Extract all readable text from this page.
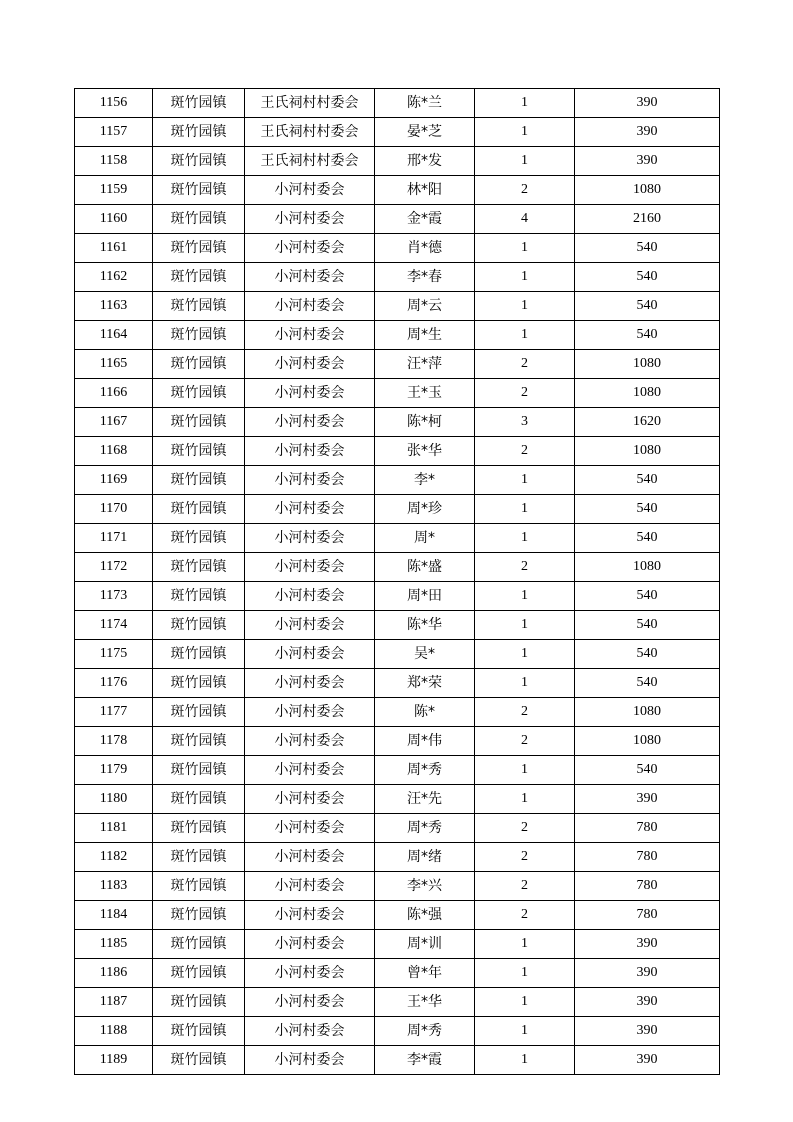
1156	斑竹园镇	王氏祠村村委会	陈*兰	1	390
1157	斑竹园镇	王氏祠村村委会	晏*芝	1	390
1158	斑竹园镇	王氏祠村村委会	邢*发	1	390
1159	斑竹园镇	小河村委会	林*阳	2	1080
1160	斑竹园镇	小河村委会	金*霞	4	2160
1161	斑竹园镇	小河村委会	肖*德	1	540
1162	斑竹园镇	小河村委会	李*春	1	540
1163	斑竹园镇	小河村委会	周*云	1	540
1164	斑竹园镇	小河村委会	周*生	1	540
1165	斑竹园镇	小河村委会	汪*萍	2	1080
1166	斑竹园镇	小河村委会	王*玉	2	1080
1167	斑竹园镇	小河村委会	陈*柯	3	1620
1168	斑竹园镇	小河村委会	张*华	2	1080
1169	斑竹园镇	小河村委会	李*	1	540
1170	斑竹园镇	小河村委会	周*珍	1	540
1171	斑竹园镇	小河村委会	周*	1	540
1172	斑竹园镇	小河村委会	陈*盛	2	1080
1173	斑竹园镇	小河村委会	周*田	1	540
1174	斑竹园镇	小河村委会	陈*华	1	540
1175	斑竹园镇	小河村委会	吴*	1	540
1176	斑竹园镇	小河村委会	郑*荣	1	540
1177	斑竹园镇	小河村委会	陈*	2	1080
1178	斑竹园镇	小河村委会	周*伟	2	1080
1179	斑竹园镇	小河村委会	周*秀	1	540
1180	斑竹园镇	小河村委会	汪*先	1	390
1181	斑竹园镇	小河村委会	周*秀	2	780
1182	斑竹园镇	小河村委会	周*绪	2	780
1183	斑竹园镇	小河村委会	李*兴	2	780
1184	斑竹园镇	小河村委会	陈*强	2	780
1185	斑竹园镇	小河村委会	周*训	1	390
1186	斑竹园镇	小河村委会	曾*年	1	390
1187	斑竹园镇	小河村委会	王*华	1	390
1188	斑竹园镇	小河村委会	周*秀	1	390
1189	斑竹园镇	小河村委会	李*霞	1	390
